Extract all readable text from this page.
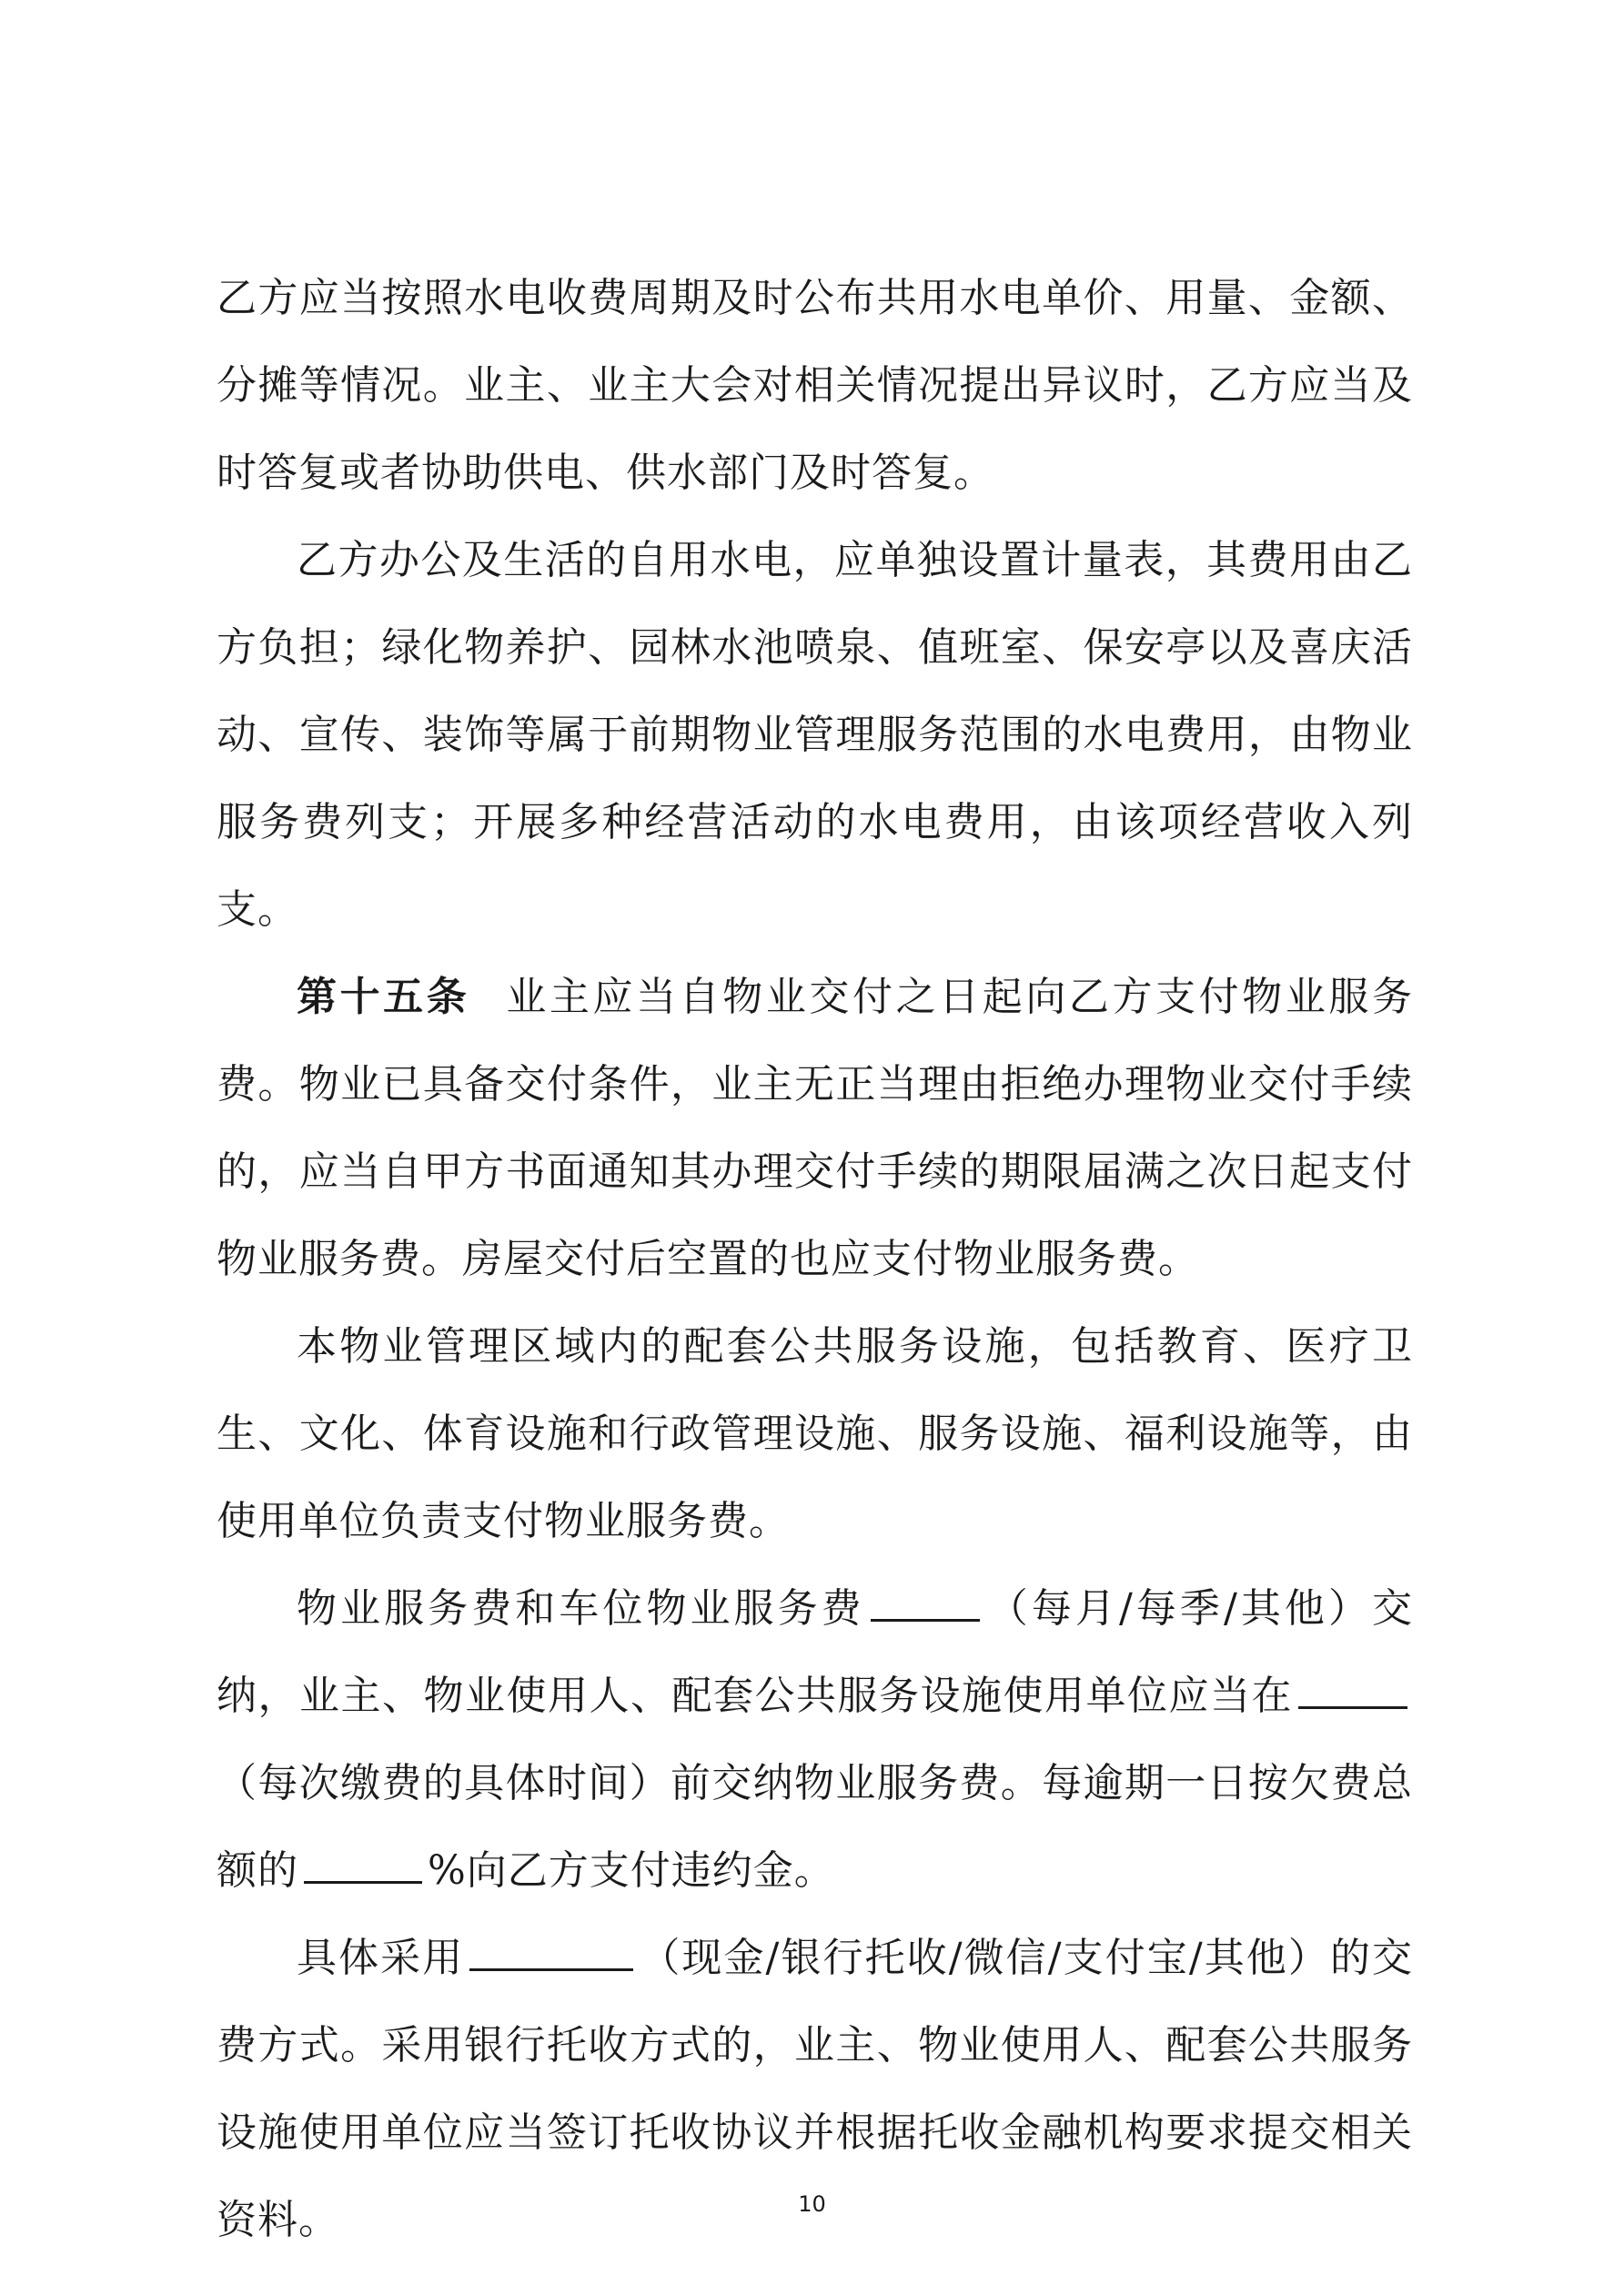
乙方应当按照水电收费周期及时公布共用水电单价、用量、金额、分摊等情况。业主、业主大会对相关情况提出异议时，乙方应当及时答复或者协助供电、供水部门及时答复。

乙方办公及生活的自用水电，应单独设置计量表，其费用由乙方负担；绿化物养护、园林水池喷泉、值班室、保安亭以及喜庆活动、宣传、装饰等属于前期物业管理服务范围的水电费用，由物业服务费列支；开展多种经营活动的水电费用，由该项经营收入列支。

第十五条 业主应当自物业交付之日起向乙方支付物业服务费。物业已具备交付条件，业主无正当理由拒绝办理物业交付手续的，应当自甲方书面通知其办理交付手续的期限届满之次日起支付物业服务费。房屋交付后空置的也应支付物业服务费。

本物业管理区域内的配套公共服务设施，包括教育、医疗卫生、文化、体育设施和行政管理设施、服务设施、福利设施等，由使用单位负责支付物业服务费。

物业服务费和车位物业服务费	（每月/每季/其他）交纳，业主、物业使用人、配套公共服务设施使用单位应当在（每次缴费的具体时间）前交纳物业服务费。每逾期一日按欠费总额的	%向乙方支付违约金。

具体采用	（现金/银行托收/微信/支付宝/其他）的交费方式。采用银行托收方式的，业主、物业使用人、配套公共服务设施使用单位应当签订托收协议并根据托收金融机构要求提交相关资料。	10
